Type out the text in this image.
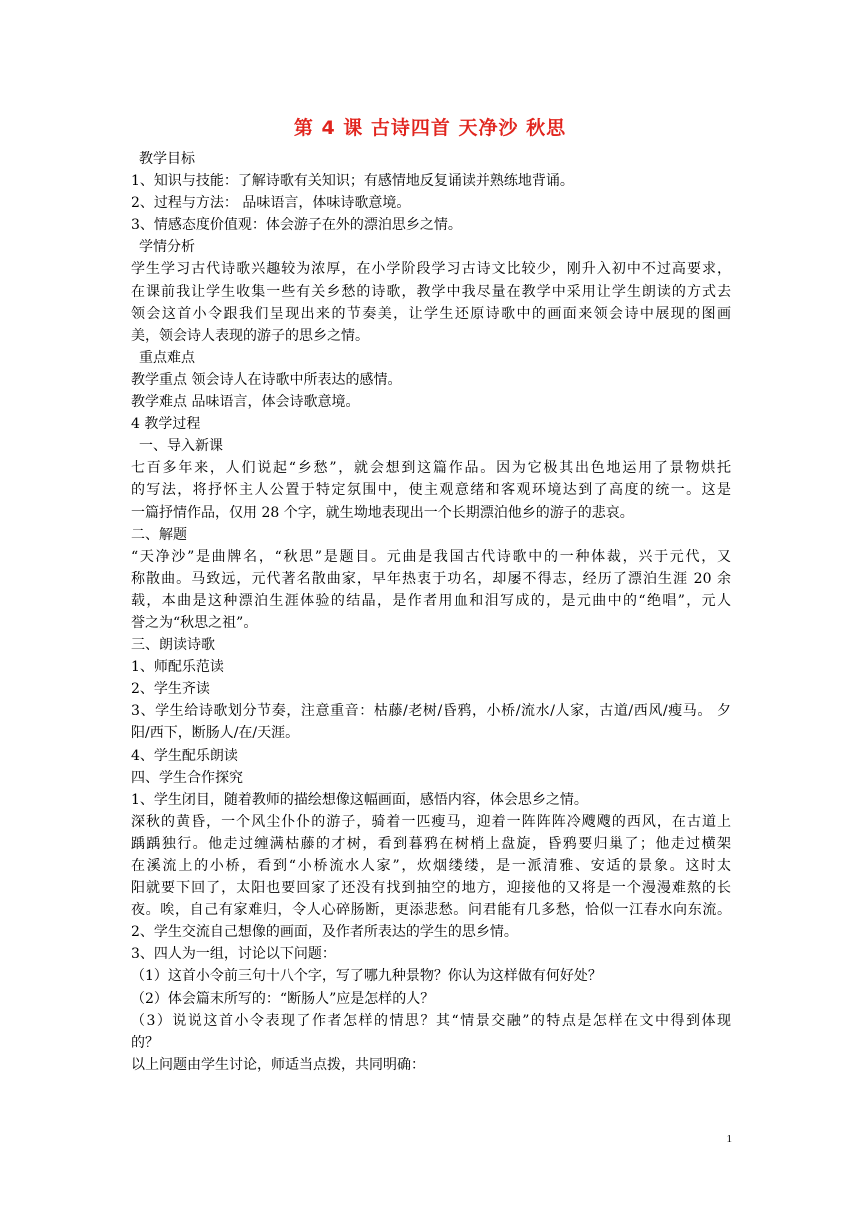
第 4 课 古诗四首 天净沙 秋思
教学目标
1、知识与技能：了解诗歌有关知识；有感情地反复诵读并熟练地背诵。
2、过程与方法： 品味语言，体味诗歌意境。
3、情感态度价值观：体会游子在外的漂泊思乡之情。
学情分析
学生学习古代诗歌兴趣较为浓厚，在小学阶段学习古诗文比较少，刚升入初中不过高要求，
在课前我让学生收集一些有关乡愁的诗歌，教学中我尽量在教学中采用让学生朗读的方式去
领会这首小令跟我们呈现出来的节奏美，让学生还原诗歌中的画面来领会诗中展现的图画
美，领会诗人表现的游子的思乡之情。
重点难点
教学重点 领会诗人在诗歌中所表达的感情。
教学难点 品味语言，体会诗歌意境。
4 教学过程
一、导入新课
七百多年来，人们说起“乡愁”，就会想到这篇作品。因为它极其出色地运用了景物烘托
的写法，将抒怀主人公置于特定氛围中，使主观意绪和客观环境达到了高度的统一。这是
一篇抒情作品，仅用 28 个字，就生坳地表现出一个长期漂泊他乡的游子的悲哀。
二、解题
“天净沙”是曲牌名，“秋思”是题目。元曲是我国古代诗歌中的一种体裁，兴于元代，又
称散曲。马致远，元代著名散曲家，早年热衷于功名，却屡不得志，经历了漂泊生涯 20 余
载，本曲是这种漂泊生涯体验的结晶，是作者用血和泪写成的，是元曲中的“绝唱”，元人
誉之为“秋思之祖”。
三、朗读诗歌
1、师配乐范读
2、学生齐读
3、学生给诗歌划分节奏，注意重音：枯藤/老树/昏鸦，小桥/流水/人家，古道/西风/瘦马。 夕
阳/西下，断肠人/在/天涯。
4、学生配乐朗读
四、学生合作探究
1、学生闭目，随着教师的描绘想像这幅画面，感悟内容，体会思乡之情。
深秋的黄昏，一个风尘仆仆的游子，骑着一匹瘦马，迎着一阵阵阵冷飕飕的西风，在古道上
踽踽独行。他走过缠满枯藤的才树，看到暮鸦在树梢上盘旋，昏鸦要归巢了；他走过横架
在溪流上的小桥，看到“小桥流水人家”，炊烟缕缕，是一派清雅、安适的景象。这时太
阳就要下回了，太阳也要回家了还没有找到抽空的地方，迎接他的又将是一个漫漫难熬的长
夜。唉，自己有家难归，令人心碎肠断，更添悲愁。问君能有几多愁，恰似一江春水向东流。
2、学生交流自己想像的画面，及作者所表达的学生的思乡情。
3、四人为一组，讨论以下问题：
（1）这首小令前三句十八个字，写了哪九种景物？你认为这样做有何好处？
（2）体会篇末所写的：“断肠人”应是怎样的人？
（3）说说这首小令表现了作者怎样的情思？其“情景交融”的特点是怎样在文中得到体现
的？
以上问题由学生讨论，师适当点拨，共同明确：
1
